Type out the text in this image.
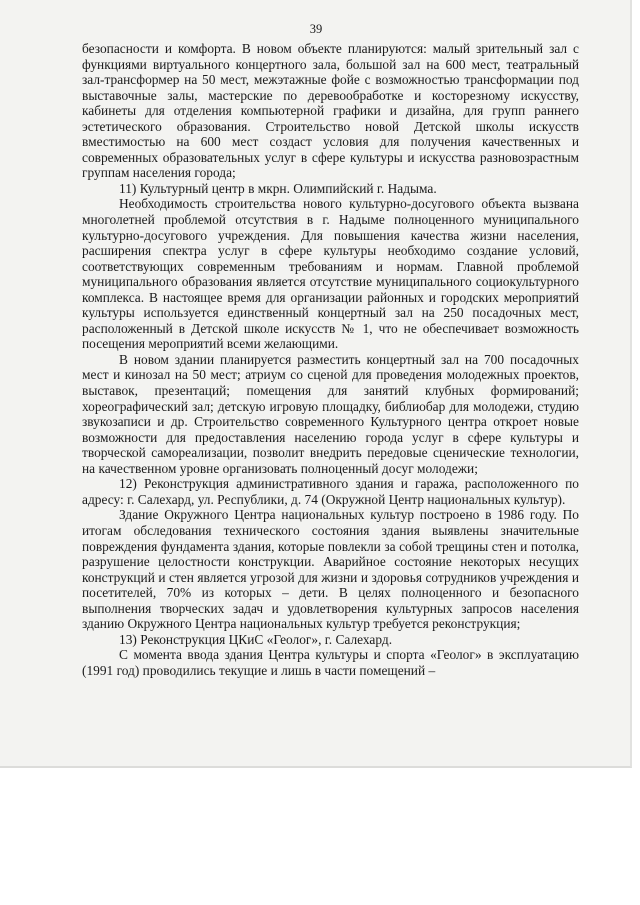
39

безопасности и комфорта. В новом объекте планируются: малый зрительный зал с функциями виртуального концертного зала, большой зал на 600 мест, театральный зал-трансформер на 50 мест, межэтажные фойе с возможностью трансформации под выставочные залы, мастерские по деревообработке и косторезному искусству, кабинеты для отделения компьютерной графики и дизайна, для групп раннего эстетического образования. Строительство новой Детской школы искусств вместимостью на 600 мест создаст условия для получения качественных и современных образовательных услуг в сфере культуры и искусства разновозрастным группам населения города;

11) Культурный центр в мкрн. Олимпийский г. Надыма.

Необходимость строительства нового культурно-досугового объекта вызвана многолетней проблемой отсутствия в г. Надыме полноценного муниципального культурно-досугового учреждения. Для повышения качества жизни населения, расширения спектра услуг в сфере культуры необходимо создание условий, соответствующих современным требованиям и нормам. Главной проблемой муниципального образования является отсутствие муниципального социокультурного комплекса. В настоящее время для организации районных и городских мероприятий культуры используется единственный концертный зал на 250 посадочных мест, расположенный в Детской школе искусств № 1, что не обеспечивает возможность посещения мероприятий всеми желающими.

В новом здании планируется разместить концертный зал на 700 посадочных мест и кинозал на 50 мест; атриум со сценой для проведения молодежных проектов, выставок, презентаций; помещения для занятий клубных формирований; хореографический зал; детскую игровую площадку, библиобар для молодежи, студию звукозаписи и др. Строительство современного Культурного центра откроет новые возможности для предоставления населению города услуг в сфере культуры и творческой самореализации, позволит внедрить передовые сценические технологии, на качественном уровне организовать полноценный досуг молодежи;

12) Реконструкция административного здания и гаража, расположенного по адресу: г. Салехард, ул. Республики, д. 74 (Окружной Центр национальных культур).

Здание Окружного Центра национальных культур построено в 1986 году. По итогам обследования технического состояния здания выявлены значительные повреждения фундамента здания, которые повлекли за собой трещины стен и потолка, разрушение целостности конструкции. Аварийное состояние некоторых несущих конструкций и стен является угрозой для жизни и здоровья сотрудников учреждения и посетителей, 70% из которых – дети. В целях полноценного и безопасного выполнения творческих задач и удовлетворения культурных запросов населения зданию Окружного Центра национальных культур требуется реконструкция;

13) Реконструкция ЦКиС «Геолог», г. Салехард.

С момента ввода здания Центра культуры и спорта «Геолог» в эксплуатацию (1991 год) проводились текущие и лишь в части помещений –
